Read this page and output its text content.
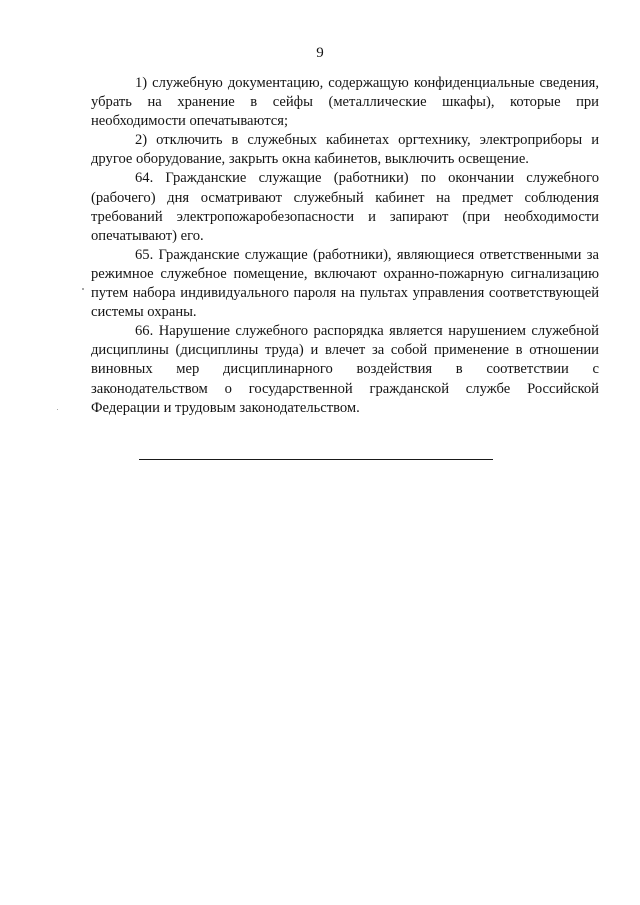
9

1) служебную документацию, содержащую конфиденциальные сведения, убрать на хранение в сейфы (металлические шкафы), которые при необходимости опечатываются;

2) отключить в служебных кабинетах оргтехнику, электроприборы и другое оборудование, закрыть окна кабинетов, выключить освещение.

64. Гражданские служащие (работники) по окончании служебного (рабочего) дня осматривают служебный кабинет на предмет соблюдения требований электропожаробезопасности и запирают (при необходимости опечатывают) его.

65. Гражданские служащие (работники), являющиеся ответственными за режимное служебное помещение, включают охранно-пожарную сигнализацию путем набора индивидуального пароля на пультах управления соответствующей системы охраны.

66. Нарушение служебного распорядка является нарушением служебной дисциплины (дисциплины труда) и влечет за собой применение в отношении виновных мер дисциплинарного воздействия в соответствии с законодательством о государственной гражданской службе Российской Федерации и трудовым законодательством.
